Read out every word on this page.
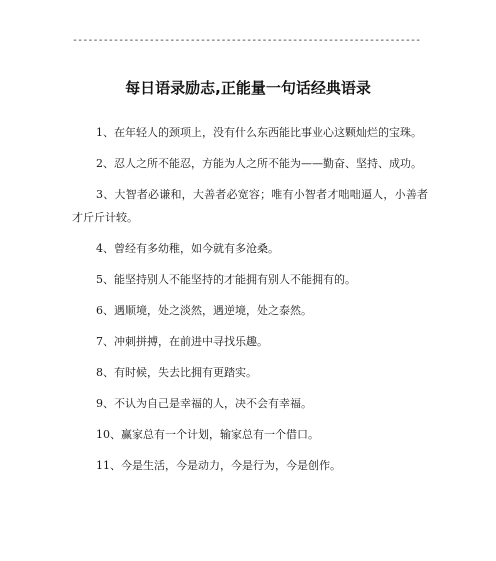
--------------------------------------------------------------------
每日语录励志,正能量一句话经典语录
1、在年轻人的颈项上，没有什么东西能比事业心这颗灿烂的宝珠。
2、忍人之所不能忍，方能为人之所不能为——勤奋、坚持、成功。
3、大智者必谦和，大善者必宽容；唯有小智者才咄咄逼人，小善者才斤斤计较。
4、曾经有多幼稚，如今就有多沧桑。
5、能坚持别人不能坚持的才能拥有别人不能拥有的。
6、遇顺境，处之淡然，遇逆境，处之泰然。
7、冲刺拼搏，在前进中寻找乐趣。
8、有时候，失去比拥有更踏实。
9、不认为自己是幸福的人，决不会有幸福。
10、赢家总有一个计划，输家总有一个借口。
11、今是生活，今是动力，今是行为，今是创作。
